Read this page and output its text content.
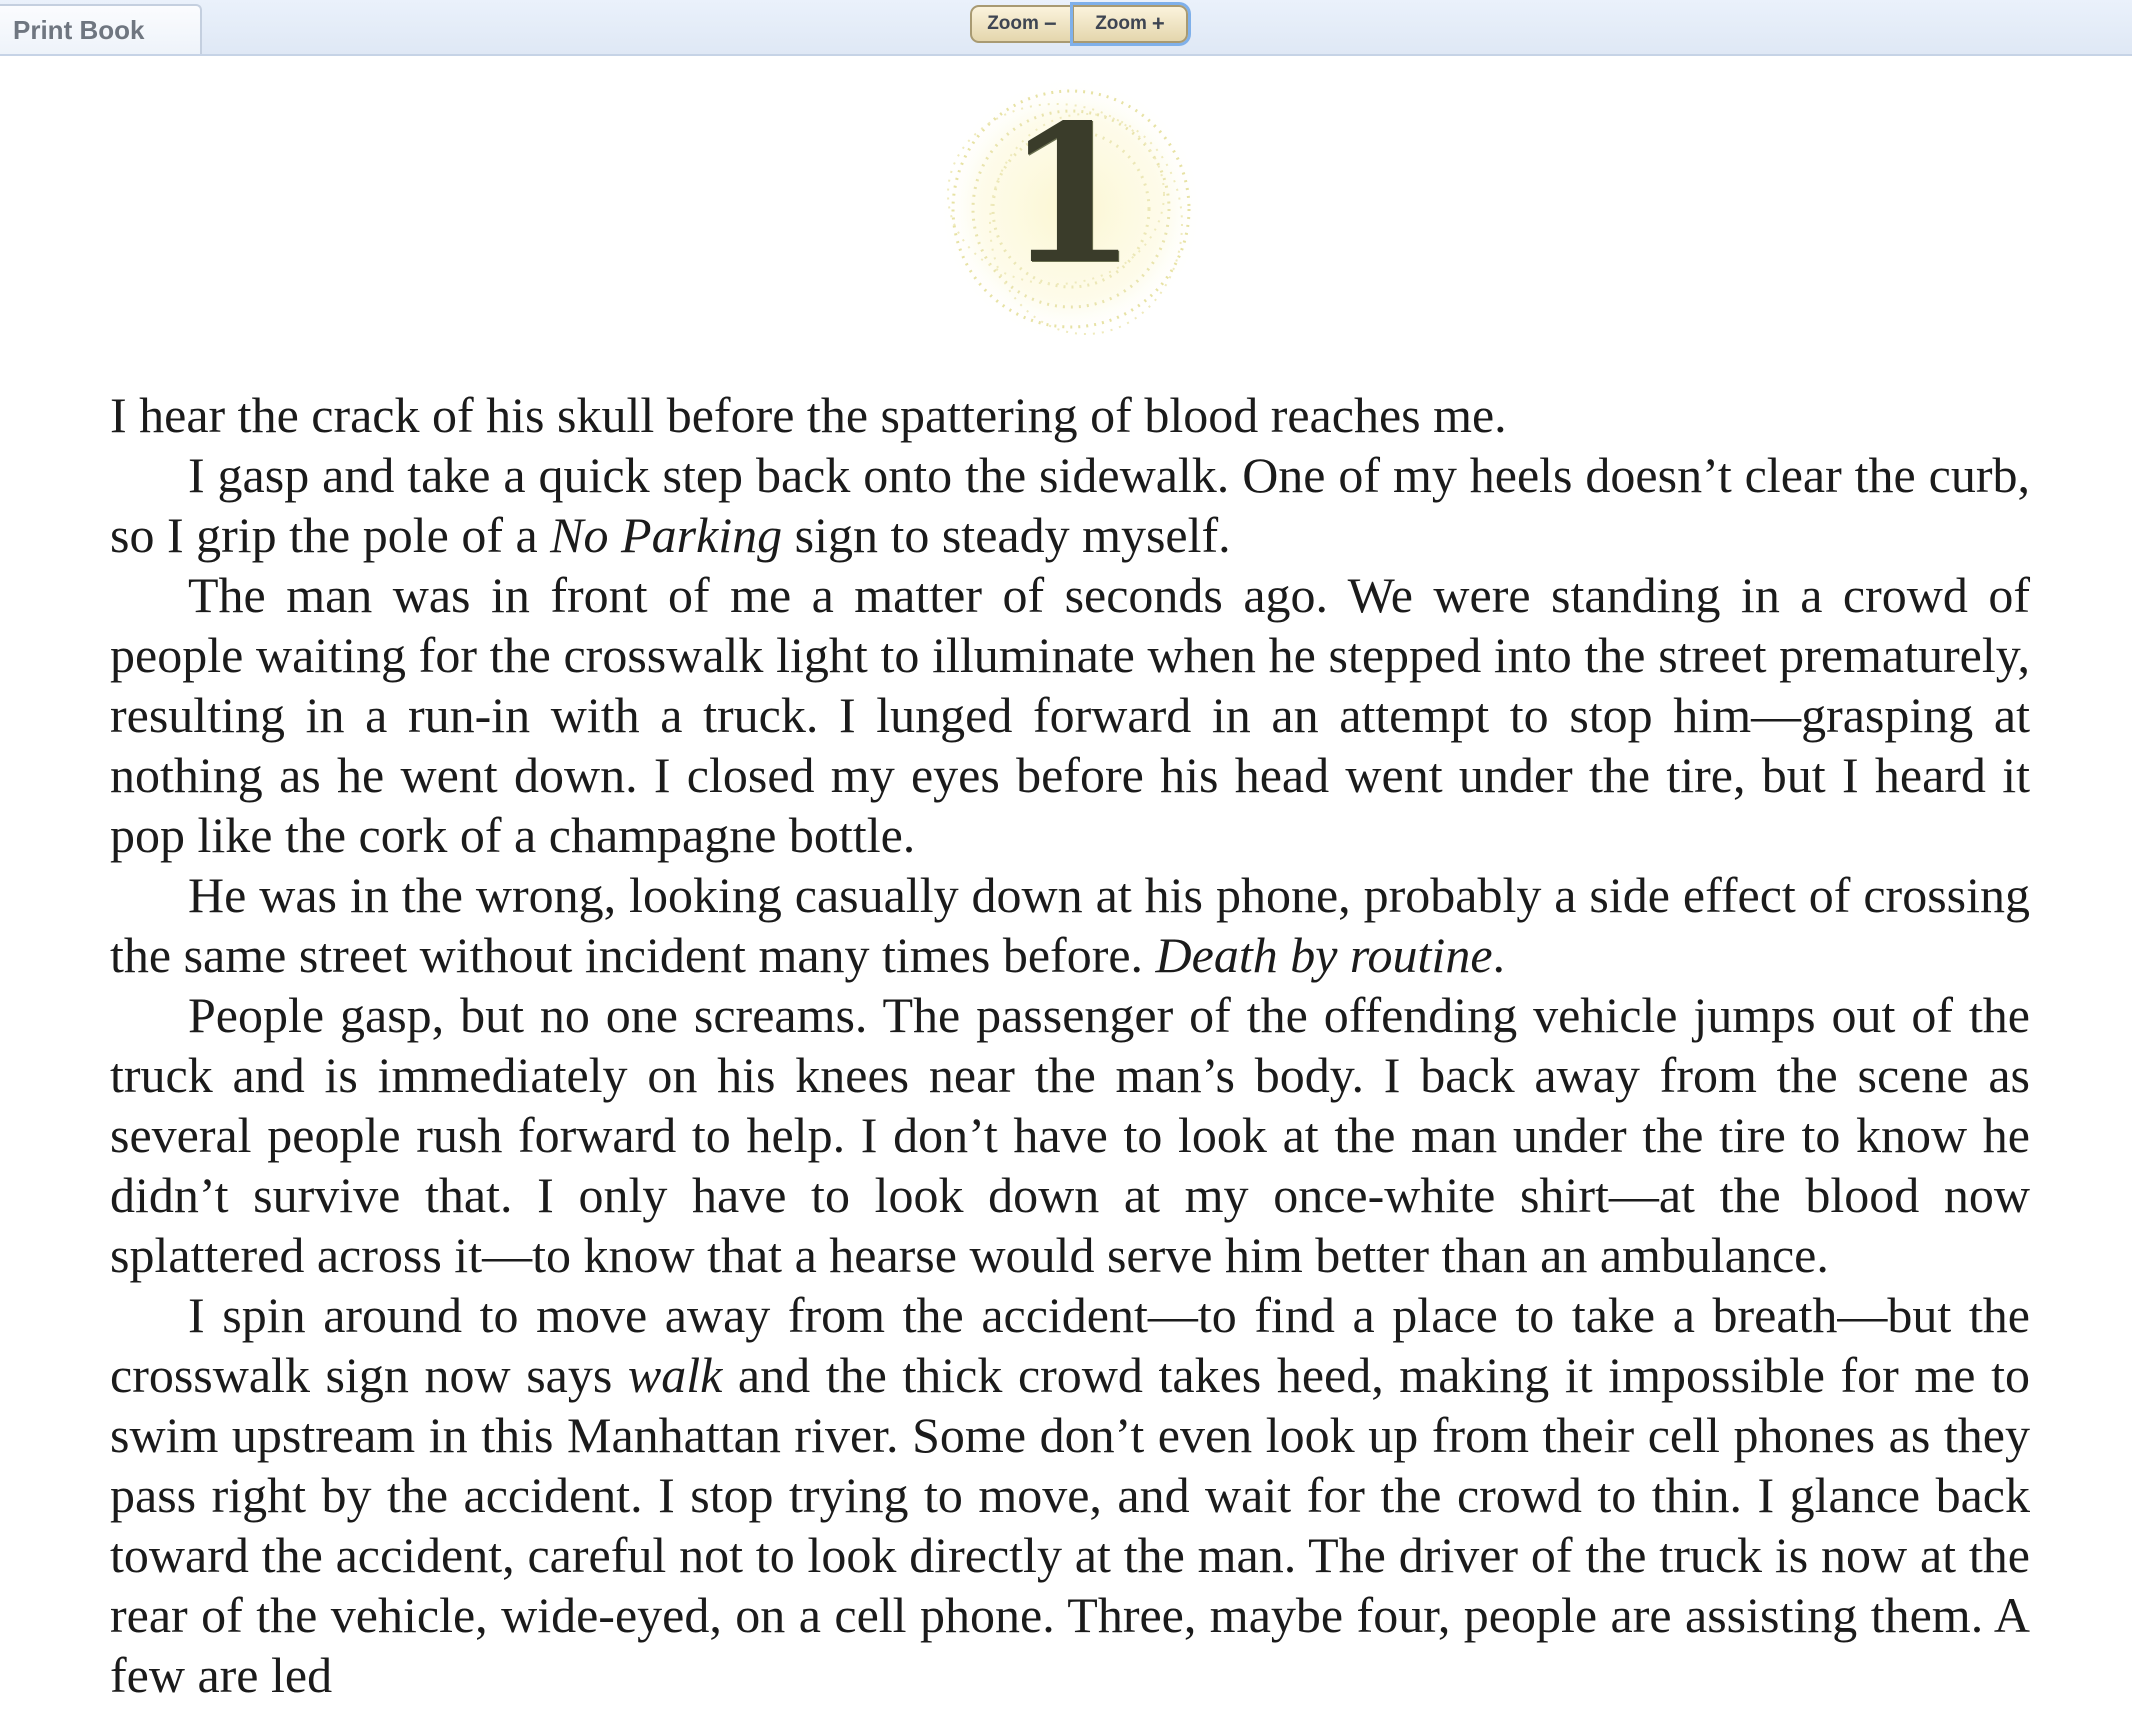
Print Book	Zoom − Zoom +
1

I hear the crack of his skull before the spattering of blood reaches me.

I gasp and take a quick step back onto the sidewalk. One of my heels doesn’t clear the curb, so I grip the pole of a No Parking sign to steady myself.

The man was in front of me a matter of seconds ago. We were standing in a crowd of people waiting for the crosswalk light to illuminate when he stepped into the street prematurely, resulting in a run-in with a truck. I lunged forward in an attempt to stop him—grasping at nothing as he went down. I closed my eyes before his head went under the tire, but I heard it pop like the cork of a champagne bottle.

He was in the wrong, looking casually down at his phone, probably a side effect of crossing the same street without incident many times before. Death by routine.

People gasp, but no one screams. The passenger of the offending vehicle jumps out of the truck and is immediately on his knees near the man’s body. I back away from the scene as several people rush forward to help. I don’t have to look at the man under the tire to know he didn’t survive that. I only have to look down at my once-white shirt—at the blood now splattered across it—to know that a hearse would serve him better than an ambulance.

I spin around to move away from the accident—to find a place to take a breath—but the crosswalk sign now says walk and the thick crowd takes heed, making it impossible for me to swim upstream in this Manhattan river. Some don’t even look up from their cell phones as they pass right by the accident. I stop trying to move, and wait for the crowd to thin. I glance back toward the accident, careful not to look directly at the man. The driver of the truck is now at the rear of the vehicle, wide-eyed, on a cell phone. Three, maybe four, people are assisting them. A few are led
